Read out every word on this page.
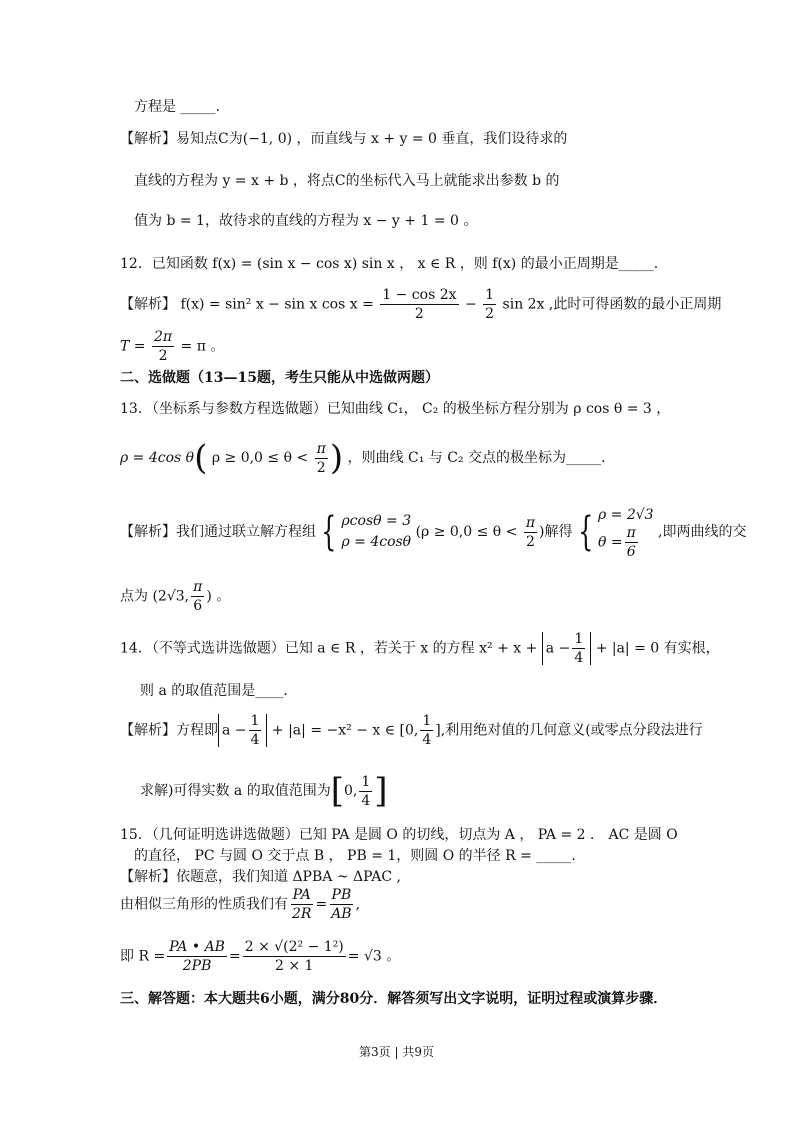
方程是 _____.
【解析】易知点C为(−1, 0) ，而直线与 x + y = 0 垂直，我们设待求的
直线的方程为 y = x + b ，将点C的坐标代入马上就能求出参数 b 的
值为 b = 1，故待求的直线的方程为 x − y + 1 = 0 。
12．已知函数 f(x) = (sin x − cos x) sin x ， x ∈ R ，则 f(x) 的最小正周期是_____.
【解析】 f(x) = sin² x − sin x $\cos x = \frac{1 - \cos 2x}{2} - \frac{1}{2}$ sin 2x ,此时可得函数的最小正周期
$T = \frac{2\pi}{2} = \pi$ 。
二、选做题（13—15题，考生只能从中选做两题）
13．（坐标系与参数方程选做题）已知曲线 C₁， C₂ 的极坐标方程分别为 ρ cos θ = 3 ，
ρ = 4cos θ( $\rho \ge 0,0 \le \theta < \frac{\pi}{2}$ ) ，则曲线 C₁ 与 C₂ 交点的极坐标为_____.
【解析】我们通过联立解方程组 { ρcosθ = 3
ρ = 4cosθ
($\rho \ge 0,0 \le \theta < \frac{\pi}{2}$ )解得 { ρ = 2√3
$\theta = \frac{\pi}{6}$ ,即两曲线的交
点为 (2√3, $\frac{\pi}{6}$ ) 。
14．（不等式选讲选做题）已知 a ∈ R ，若关于 x 的方程 $x^2 + x + a - \frac{1}{4} + |a| = 0$ 有实根，
则 a 的取值范围是____.
【解析】方程即 $a - \frac{1}{4} + |a| = -x^2 - x$ ∈ [0, $\frac{1}{4}$ ],利用绝对值的几何意义(或零点分段法进行
求解)可得实数 a 的取值范围为[0, $\frac{1}{4}$ ]
15．（几何证明选讲选做题）已知 PA 是圆 O 的切线，切点为 A ， PA = 2 ． AC 是圆 O
的直径， PC 与圆 O 交于点 B ， PB = 1，则圆 O 的半径 R = _____.
【解析】依题意，我们知道 ΔPBA ~ ΔPAC ,
由相似三角形的性质我们有 $\frac{PA}{2R} = \frac{PB}{AB}$ ,
即 $R = \frac{PA • AB}{2PB} = \frac{\text{2 × √(2² − 1²)}}{2 \times 1} = √3$ 。
三、解答题：本大题共6小题，满分80分．解答须写出文字说明，证明过程或演算步骤．
第3页 | 共9页
